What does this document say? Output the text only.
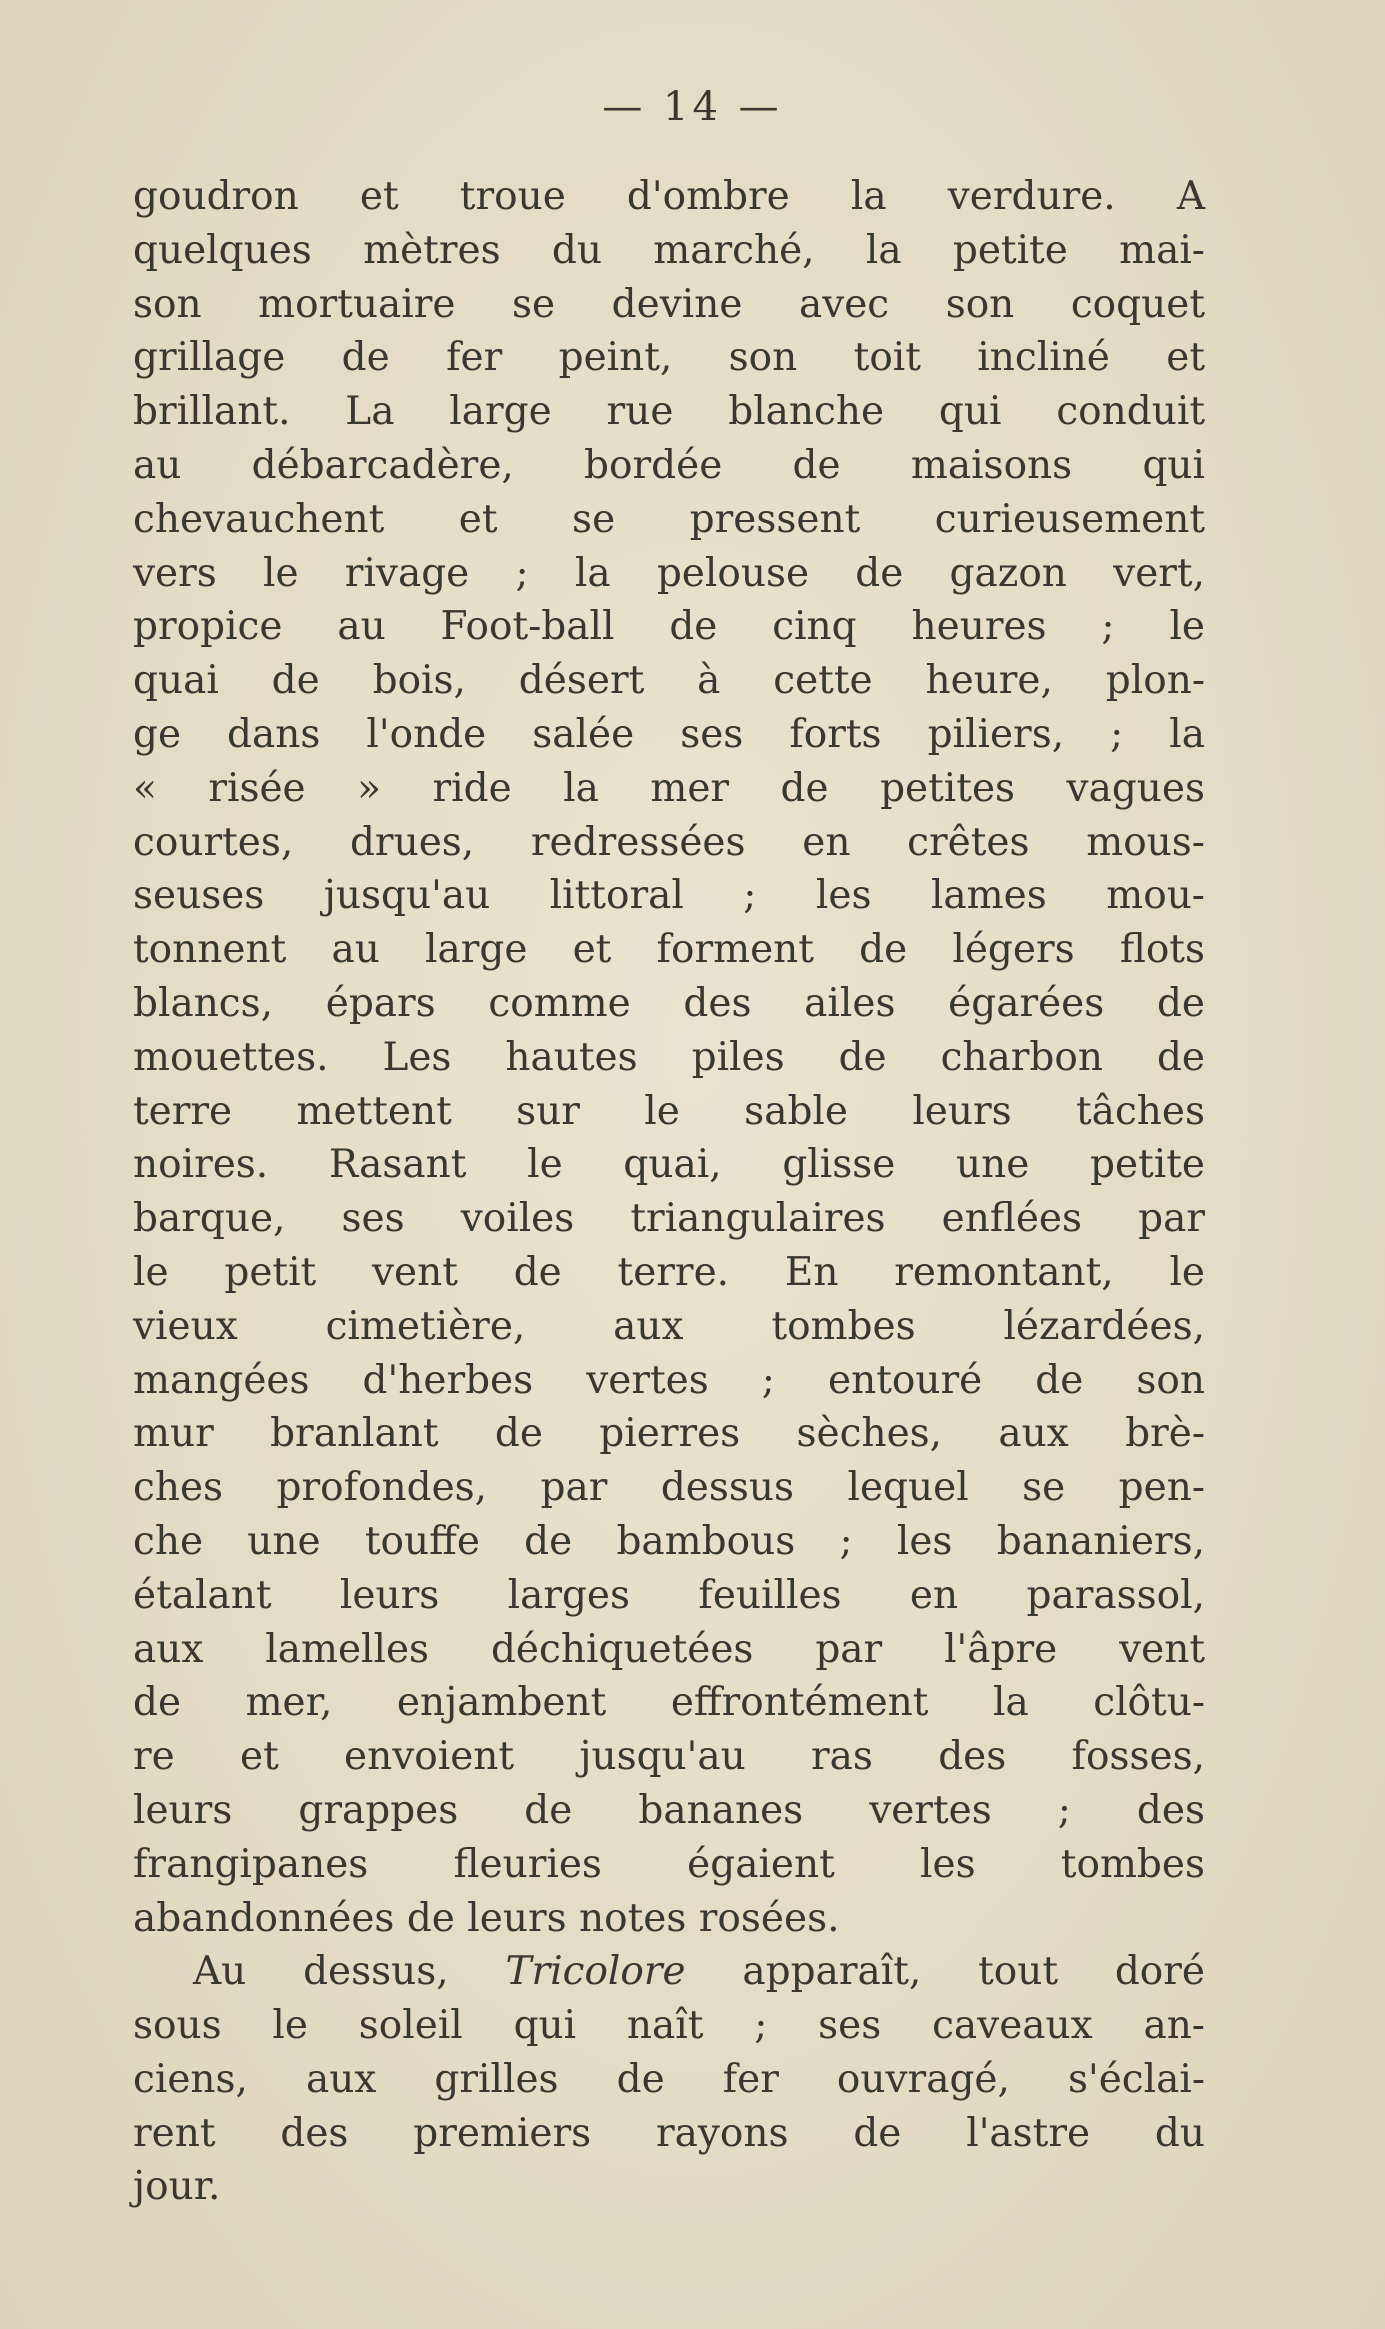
— 14 —

goudron et troue d'ombre la verdure. A
quelques mètres du marché, la petite mai-
son mortuaire se devine avec son coquet
grillage de fer peint, son toit incliné et
brillant. La large rue blanche qui conduit
au débarcadère, bordée de maisons qui
chevauchent et se pressent curieusement
vers le rivage ; la pelouse de gazon vert,
propice au Foot-ball de cinq heures ; le
quai de bois, désert à cette heure, plon-
ge dans l'onde salée ses forts piliers, ; la
« risée » ride la mer de petites vagues
courtes, drues, redressées en crêtes mous-
seuses jusqu'au littoral ; les lames mou-
tonnent au large et forment de légers flots
blancs, épars comme des ailes égarées de
mouettes. Les hautes piles de charbon de
terre mettent sur le sable leurs tâches
noires. Rasant le quai, glisse une petite
barque, ses voiles triangulaires enflées par
le petit vent de terre. En remontant, le
vieux cimetière, aux tombes lézardées,
mangées d'herbes vertes ; entouré de son
mur branlant de pierres sèches, aux brè-
ches profondes, par dessus lequel se pen-
che une touffe de bambous ; les bananiers,
étalant leurs larges feuilles en parassol,
aux lamelles déchiquetées par l'âpre vent
de mer, enjambent effrontément la clôtu-
re et envoient jusqu'au ras des fosses,
leurs grappes de bananes vertes ; des
frangipanes fleuries égaient les tombes
abandonnées de leurs notes rosées.
Au dessus, Tricolore apparaît, tout doré
sous le soleil qui naît ; ses caveaux an-
ciens, aux grilles de fer ouvragé, s'éclai-
rent des premiers rayons de l'astre du
jour.
